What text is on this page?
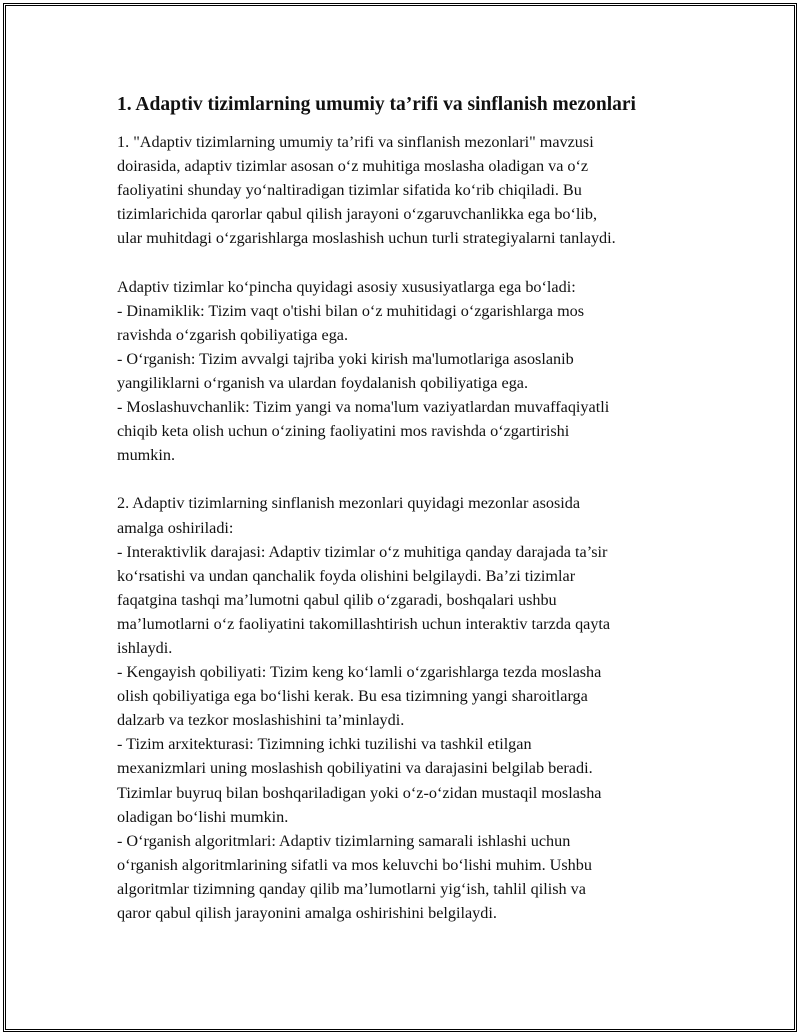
1. Adaptiv tizimlarning umumiy ta’rifi va sinflanish mezonlari

1. "Adaptiv tizimlarning umumiy ta’rifi va sinflanish mezonlari" mavzusi
doirasida, adaptiv tizimlar asosan o‘z muhitiga moslasha oladigan va o‘z
faoliyatini shunday yo‘naltiradigan tizimlar sifatida ko‘rib chiqiladi. Bu
tizimlarichida qarorlar qabul qilish jarayoni o‘zgaruvchanlikka ega bo‘lib,
ular muhitdagi o‘zgarishlarga moslashish uchun turli strategiyalarni tanlaydi.

Adaptiv tizimlar ko‘pincha quyidagi asosiy xususiyatlarga ega bo‘ladi:
- Dinamiklik: Tizim vaqt o'tishi bilan o‘z muhitidagi o‘zgarishlarga mos
ravishda o‘zgarish qobiliyatiga ega.
- O‘rganish: Tizim avvalgi tajriba yoki kirish ma'lumotlariga asoslanib
yangiliklarni o‘rganish va ulardan foydalanish qobiliyatiga ega.
- Moslashuvchanlik: Tizim yangi va noma'lum vaziyatlardan muvaffaqiyatli
chiqib keta olish uchun o‘zining faoliyatini mos ravishda o‘zgartirishi
mumkin.

2. Adaptiv tizimlarning sinflanish mezonlari quyidagi mezonlar asosida
amalga oshiriladi:
- Interaktivlik darajasi: Adaptiv tizimlar o‘z muhitiga qanday darajada ta’sir
ko‘rsatishi va undan qanchalik foyda olishini belgilaydi. Ba’zi tizimlar
faqatgina tashqi ma’lumotni qabul qilib o‘zgaradi, boshqalari ushbu
ma’lumotlarni o‘z faoliyatini takomillashtirish uchun interaktiv tarzda qayta
ishlaydi.
- Kengayish qobiliyati: Tizim keng ko‘lamli o‘zgarishlarga tezda moslasha
olish qobiliyatiga ega bo‘lishi kerak. Bu esa tizimning yangi sharoitlarga
dalzarb va tezkor moslashishini ta’minlaydi.
- Tizim arxitekturasi: Tizimning ichki tuzilishi va tashkil etilgan
mexanizmlari uning moslashish qobiliyatini va darajasini belgilab beradi.
Tizimlar buyruq bilan boshqariladigan yoki o‘z-o‘zidan mustaqil moslasha
oladigan bo‘lishi mumkin.
- O‘rganish algoritmlari: Adaptiv tizimlarning samarali ishlashi uchun
o‘rganish algoritmlarining sifatli va mos keluvchi bo‘lishi muhim. Ushbu
algoritmlar tizimning qanday qilib ma’lumotlarni yig‘ish, tahlil qilish va
qaror qabul qilish jarayonini amalga oshirishini belgilaydi.
